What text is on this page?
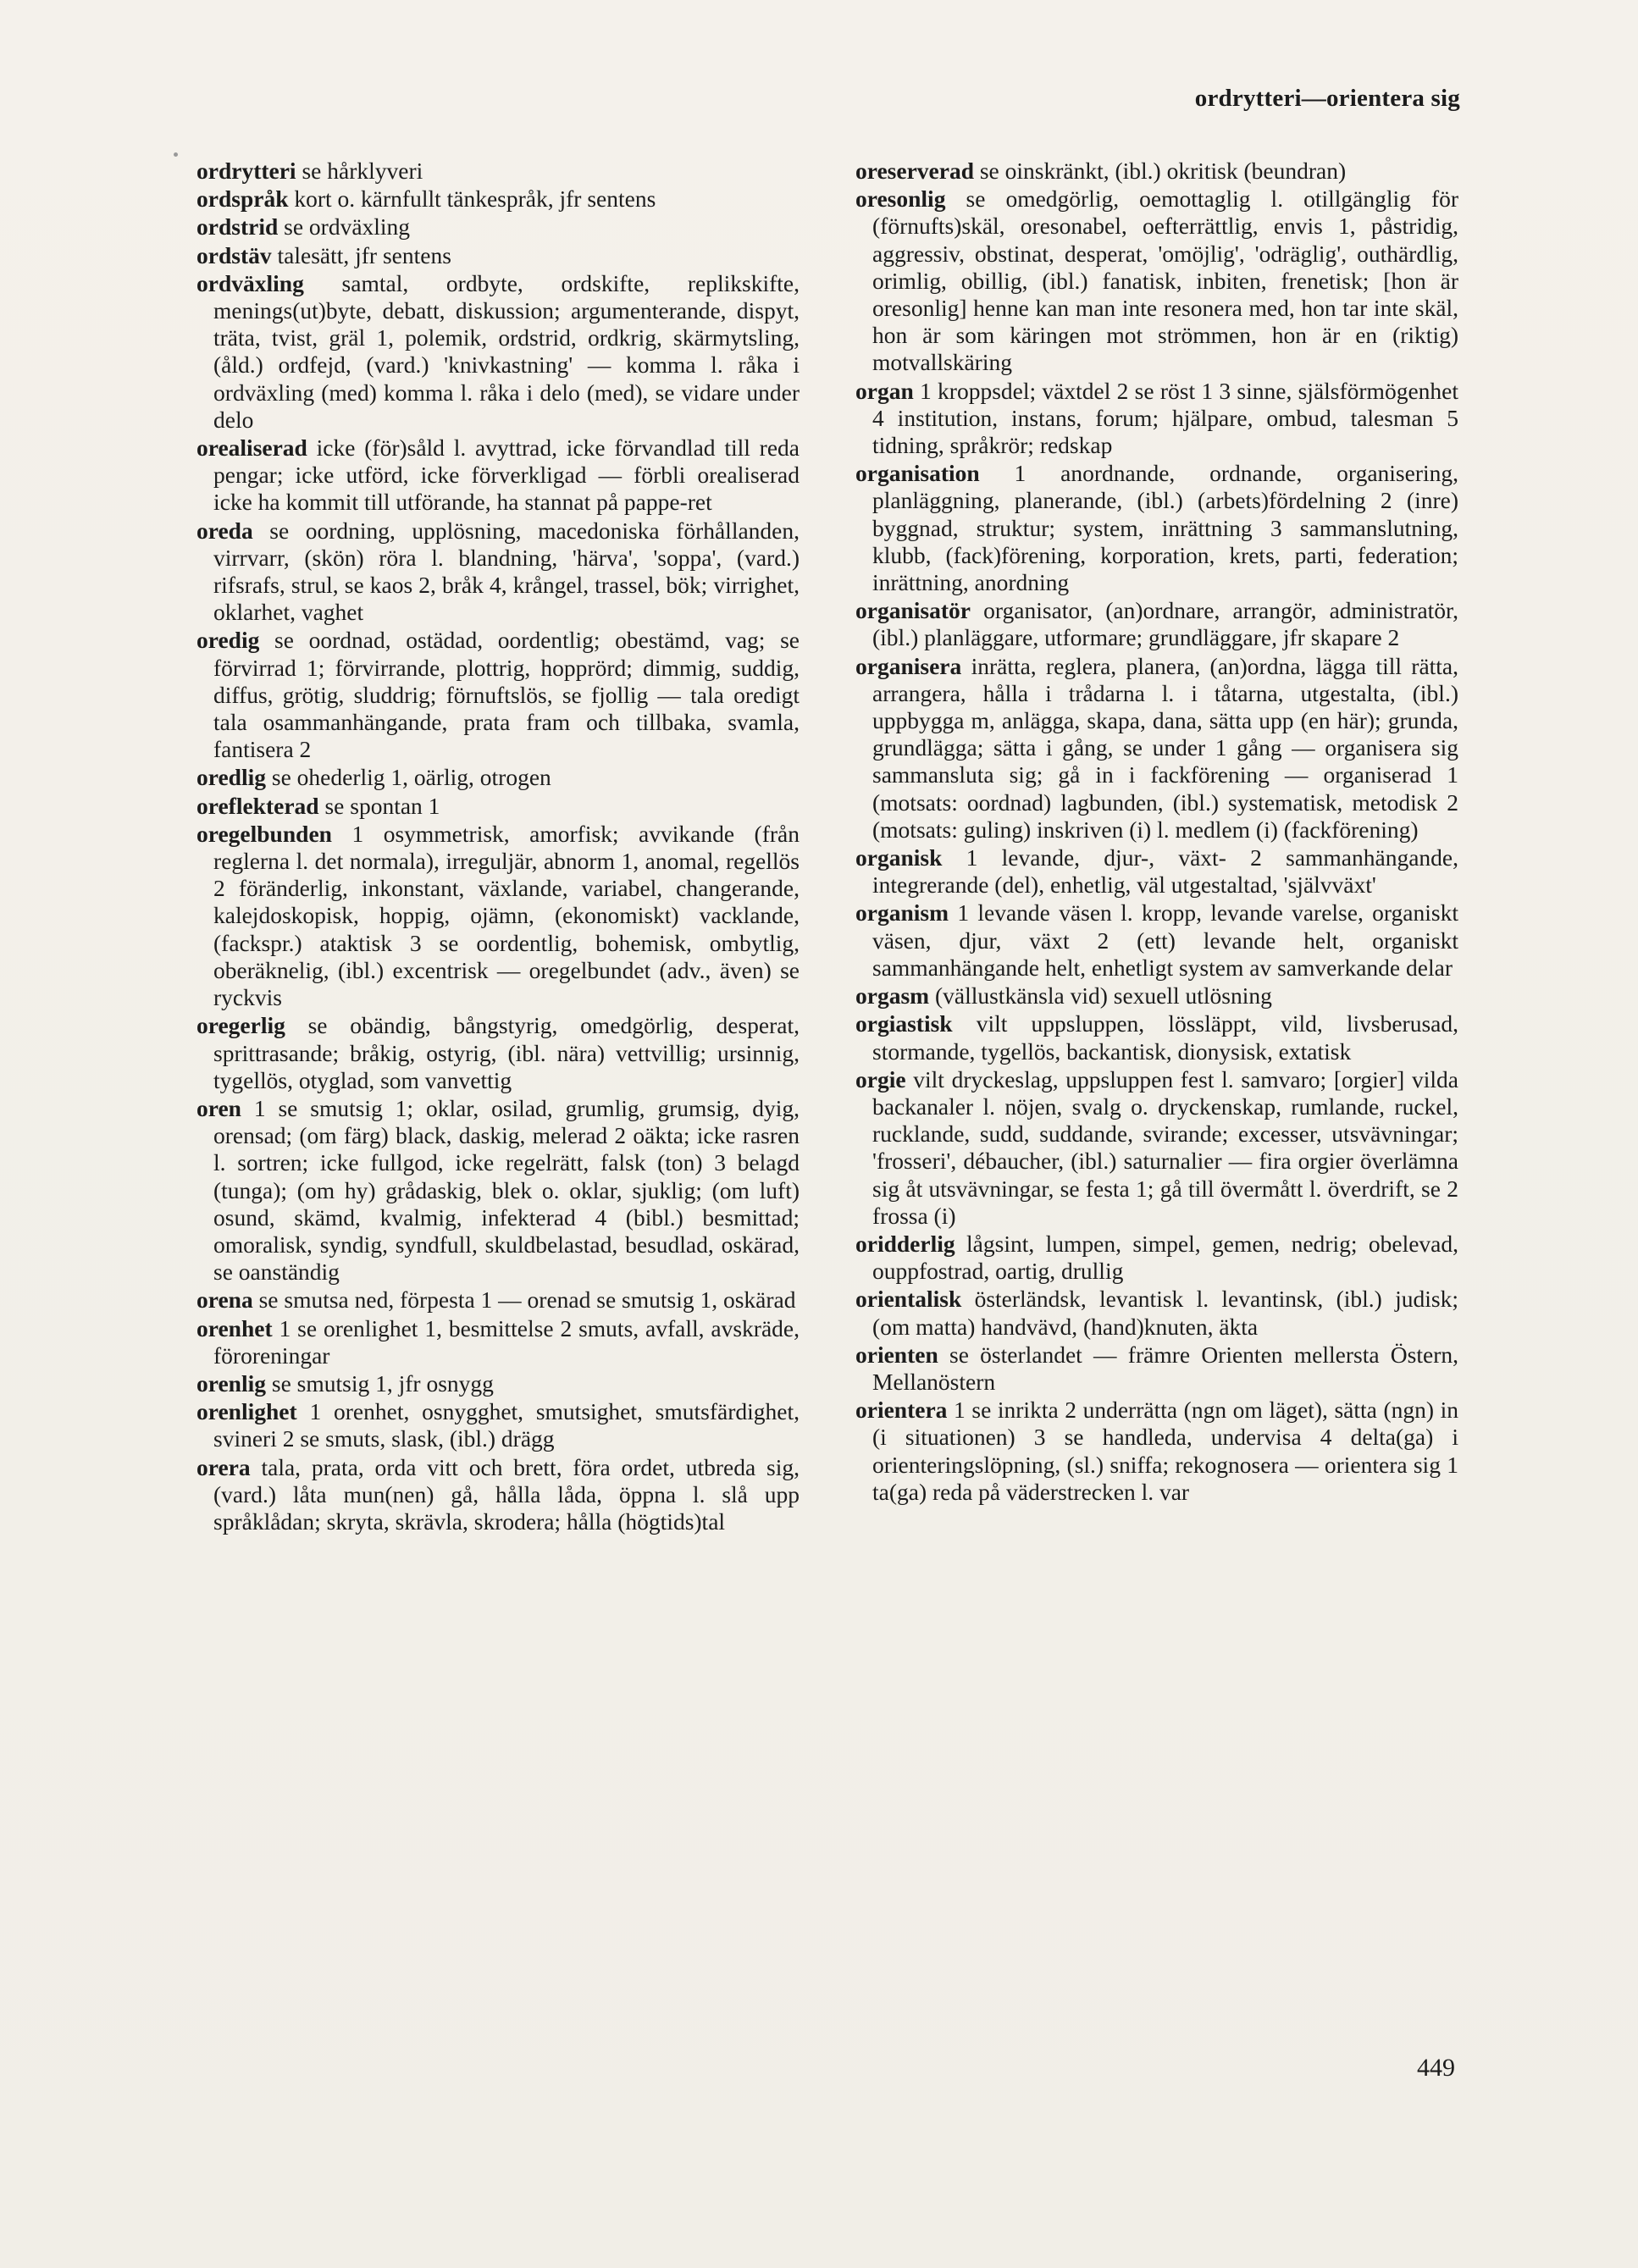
ordrytteri—orientera sig

ordrytteri se hårklyveri

ordspråk kort o. kärnfullt tänkespråk, jfr sentens

ordstrid se ordväxling

ordstäv talesätt, jfr sentens

ordväxling samtal, ordbyte, ordskifte, replikskifte, menings(ut)byte, debatt, diskussion; argumenterande, dispyt, träta, tvist, gräl 1, polemik, ordstrid, ordkrig, skärmytsling, (åld.) ordfejd, (vard.) 'knivkastning' — komma l. råka i ordväxling (med) komma l. råka i delo (med), se vidare under delo

orealiserad icke (för)såld l. avyttrad, icke förvandlad till reda pengar; icke utförd, icke förverkligad — förbli orealiserad icke ha kommit till utförande, ha stannat på pappe-ret

oreda se oordning, upplösning, macedoniska förhållanden, virrvarr, (skön) röra l. blandning, 'härva', 'soppa', (vard.) rifsrafs, strul, se kaos 2, bråk 4, krångel, trassel, bök; virrighet, oklarhet, vaghet

oredig se oordnad, ostädad, oordentlig; obestämd, vag; se förvirrad 1; förvirrande, plottrig, hopprörd; dimmig, suddig, diffus, grötig, sluddrig; förnuftslös, se fjollig — tala oredigt tala osammanhängande, prata fram och tillbaka, svamla, fantisera 2

oredlig se ohederlig 1, oärlig, otrogen

oreflekterad se spontan 1

oregelbunden 1 osymmetrisk, amorfisk; avvikande (från reglerna l. det normala), irreguljär, abnorm 1, anomal, regellös 2 föränderlig, inkonstant, växlande, variabel, changerande, kalejdoskopisk, hoppig, ojämn, (ekonomiskt) vacklande, (fackspr.) ataktisk 3 se oordentlig, bohemisk, ombytlig, oberäknelig, (ibl.) excentrisk — oregelbundet (adv., även) se ryckvis

oregerlig se obändig, bångstyrig, omedgörlig, desperat, sprittrasande; bråkig, ostyrig, (ibl. nära) vettvillig; ursinnig, tygellös, otyglad, som vanvettig

oren 1 se smutsig 1; oklar, osilad, grumlig, grumsig, dyig, orensad; (om färg) black, daskig, melerad 2 oäkta; icke rasren l. sortren; icke fullgod, icke regelrätt, falsk (ton) 3 belagd (tunga); (om hy) grådaskig, blek o. oklar, sjuklig; (om luft) osund, skämd, kvalmig, infekterad 4 (bibl.) besmittad; omoralisk, syndig, syndfull, skuldbelastad, besudlad, oskärad, se oanständig

orena se smutsa ned, förpesta 1 — orenad se smutsig 1, oskärad

orenhet 1 se orenlighet 1, besmittelse 2 smuts, avfall, avskräde, föroreningar

orenlig se smutsig 1, jfr osnygg

orenlighet 1 orenhet, osnygghet, smutsighet, smutsfärdighet, svineri 2 se smuts, slask, (ibl.) drägg

orera tala, prata, orda vitt och brett, föra ordet, utbreda sig, (vard.) låta mun(nen) gå, hålla låda, öppna l. slå upp språklådan; skryta, skrävla, skrodera; hålla (högtids)tal

oreserverad se oinskränkt, (ibl.) okritisk (beundran)

oresonlig se omedgörlig, oemottaglig l. otillgänglig för (förnufts)skäl, oresonabel, oefterrättlig, envis 1, påstridig, aggressiv, obstinat, desperat, 'omöjlig', 'odräglig', outhärdlig, orimlig, obillig, (ibl.) fanatisk, inbiten, frenetisk; [hon är oresonlig] henne kan man inte resonera med, hon tar inte skäl, hon är som käringen mot strömmen, hon är en (riktig) motvallskäring

organ 1 kroppsdel; växtdel 2 se röst 1 3 sinne, själsförmögenhet 4 institution, instans, forum; hjälpare, ombud, talesman 5 tidning, språkrör; redskap

organisation 1 anordnande, ordnande, organisering, planläggning, planerande, (ibl.) (arbets)fördelning 2 (inre) byggnad, struktur; system, inrättning 3 sammanslutning, klubb, (fack)förening, korporation, krets, parti, federation; inrättning, anordning

organisatör organisator, (an)ordnare, arrangör, administratör, (ibl.) planläggare, utformare; grundläggare, jfr skapare 2

organisera inrätta, reglera, planera, (an)ordna, lägga till rätta, arrangera, hålla i trådarna l. i tåtarna, utgestalta, (ibl.) uppbygga m, anlägga, skapa, dana, sätta upp (en här); grunda, grundlägga; sätta i gång, se under 1 gång — organisera sig sammansluta sig; gå in i fackförening — organiserad 1 (motsats: oordnad) lagbunden, (ibl.) systematisk, metodisk 2 (motsats: guling) inskriven (i) l. medlem (i) (fackförening)

organisk 1 levande, djur-, växt- 2 sammanhängande, integrerande (del), enhetlig, väl utgestaltad, 'självväxt'

organism 1 levande väsen l. kropp, levande varelse, organiskt väsen, djur, växt 2 (ett) levande helt, organiskt sammanhängande helt, enhetligt system av samverkande delar

orgasm (vällustkänsla vid) sexuell utlösning

orgiastisk vilt uppsluppen, lössläppt, vild, livsberusad, stormande, tygellös, backantisk, dionysisk, extatisk

orgie vilt dryckeslag, uppsluppen fest l. samvaro; [orgier] vilda backanaler l. nöjen, svalg o. dryckenskap, rumlande, ruckel, rucklande, sudd, suddande, svirande; excesser, utsvävningar; 'frosseri', débaucher, (ibl.) saturnalier — fira orgier överlämna sig åt utsvävningar, se festa 1; gå till övermått l. överdrift, se 2 frossa (i)

oridderlig lågsint, lumpen, simpel, gemen, nedrig; obelevad, ouppfostrad, oartig, drullig

orientalisk österländsk, levantisk l. levantinsk, (ibl.) judisk; (om matta) handvävd, (hand)knuten, äkta

orienten se österlandet — främre Orienten mellersta Östern, Mellanöstern

orientera 1 se inrikta 2 underrätta (ngn om läget), sätta (ngn) in (i situationen) 3 se handleda, undervisa 4 delta(ga) i orienteringslöpning, (sl.) sniffa; rekognosera — orientera sig 1 ta(ga) reda på väderstrecken l. var

449
